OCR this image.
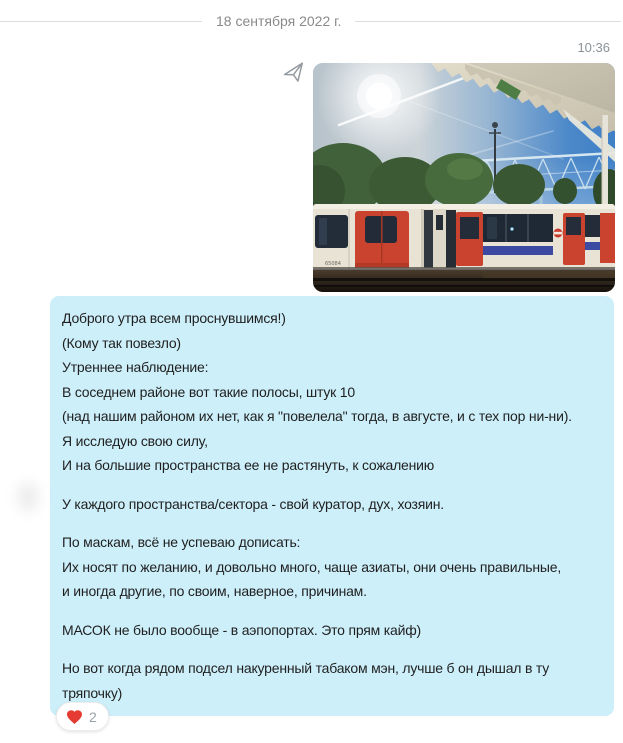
18 сентября 2022 г.
10:36
65084
Доброго утра всем проснувшимся!)
(Кому так повезло)
Утреннее наблюдение:
В соседнем районе вот такие полосы, штук 10
(над нашим районом их нет, как я "повелела" тогда, в августе, и с тех пор ни-ни).
Я исследую свою силу,
И на большие пространства ее не растянуть, к сожалению
У каждого пространства/сектора - свой куратор, дух, хозяин.
По маскам, всё не успеваю дописать:
Их носят по желанию, и довольно много, чаще азиаты, они очень правильные,
и иногда другие, по своим, наверное, причинам.
МАСОК не было вообще - в аэпопортах. Это прям кайф)
Но вот когда рядом подсел накуренный табаком мэн, лучше б он дышал в ту
тряпочку)
2
